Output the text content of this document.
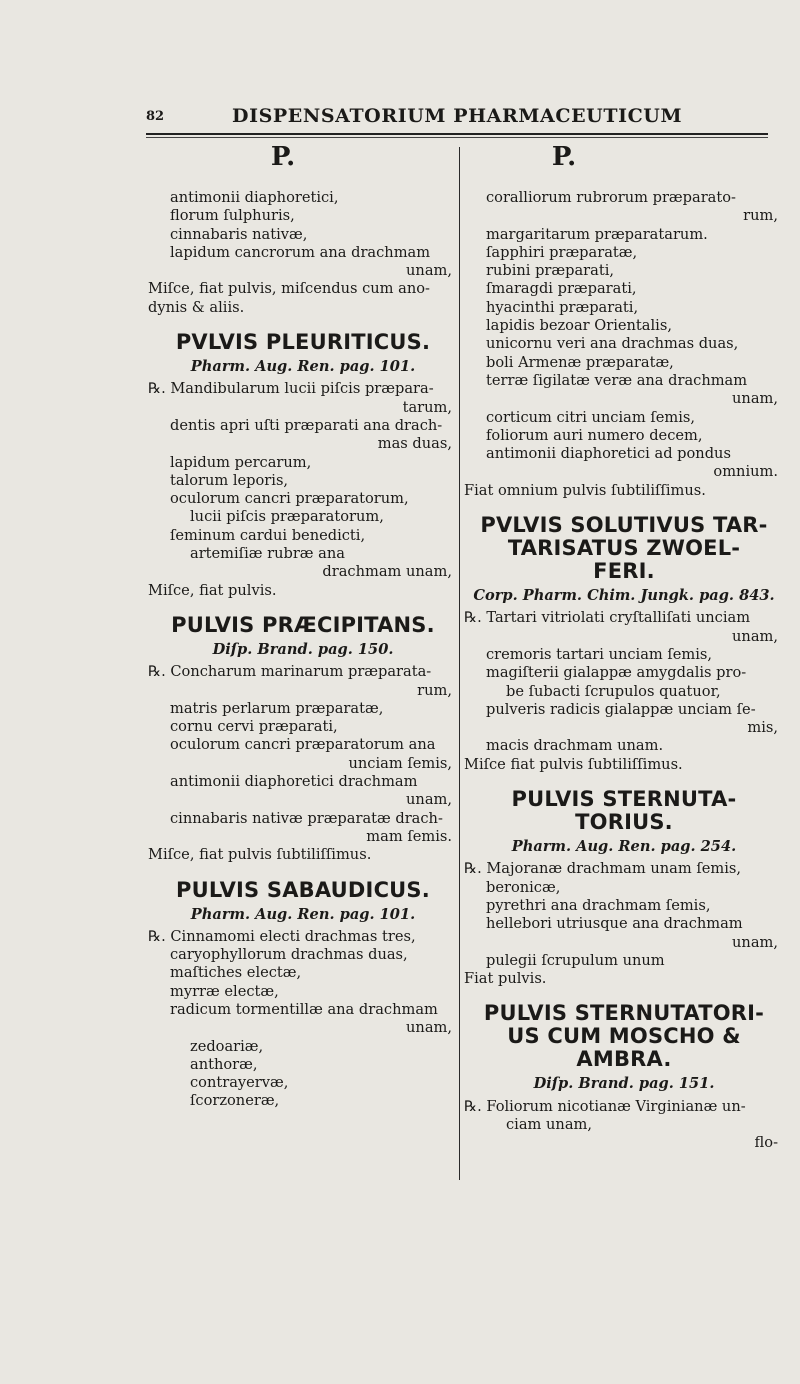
82	DISPENSATORIUM PHARMACEUTICUM
P.
antimonii diaphoretici,
florum ſulphuris,
cinnabaris nativæ,
lapidum cancrorum ana drachmam
unam,
Miſce, fiat pulvis, miſcendus cum ano-
dynis & aliis.
PVLVIS PLEURITICUS.
Pharm. Aug. Ren. pag. 101.
℞. Mandibularum lucii piſcis præpara-
tarum,
dentis apri uſti præparati ana drach-
mas duas,
lapidum percarum,
talorum leporis,
oculorum cancri præparatorum,
lucii piſcis præparatorum,
ſeminum cardui benedicti,
artemiſiæ rubræ ana
drachmam unam,
Miſce, fiat pulvis.
PULVIS PRÆCIPITANS.
Diſp. Brand. pag. 150.
℞. Concharum marinarum præparata-
rum,
matris perlarum præparatæ,
cornu cervi præparati,
oculorum cancri præparatorum ana
unciam ſemis,
antimonii diaphoretici drachmam
unam,
cinnabaris nativæ præparatæ drach-
mam ſemis.
Miſce, fiat pulvis ſubtiliſſimus.
PULVIS SABAUDICUS.
Pharm. Aug. Ren. pag. 101.
℞. Cinnamomi electi drachmas tres,
caryophyllorum drachmas duas,
maſtiches electæ,
myrræ electæ,
radicum tormentillæ ana drachmam
unam,
zedoariæ,
anthoræ,
contrayervæ,
ſcorzoneræ,
P.
coralliorum rubrorum præparato-
rum,
margaritarum præparatarum.
ſapphiri præparatæ,
rubini præparati,
ſmaragdi præparati,
hyacinthi præparati,
lapidis bezoar Orientalis,
unicornu veri ana drachmas duas,
boli Armenæ præparatæ,
terræ ſigilatæ veræ ana drachmam
unam,
corticum citri unciam ſemis,
foliorum auri numero decem,
antimonii diaphoretici ad pondus
omnium.
Fiat omnium pulvis ſubtiliſſimus.
PVLVIS SOLUTIVUS TAR-
TARISATUS ZWOEL-
FERI.
Corp. Pharm. Chim. Jungk. pag. 843.
℞. Tartari vitriolati cryſtalliſati unciam
unam,
cremoris tartari unciam ſemis,
magiſterii gialappæ amygdalis pro-
be ſubacti ſcrupulos quatuor,
pulveris radicis gialappæ unciam ſe-
mis,
macis drachmam unam.
Miſce fiat pulvis ſubtiliſſimus.
PULVIS STERNUTA-
TORIUS.
Pharm. Aug. Ren. pag. 254.
℞. Majoranæ drachmam unam ſemis,
beronicæ,
pyrethri ana drachmam ſemis,
hellebori utriusque ana drachmam
unam,
pulegii ſcrupulum unum
Fiat pulvis.
PULVIS STERNUTATORI-
US CUM MOSCHO &
AMBRA.
Diſp. Brand. pag. 151.
℞. Foliorum nicotianæ Virginianæ un-
ciam unam,
flo-
